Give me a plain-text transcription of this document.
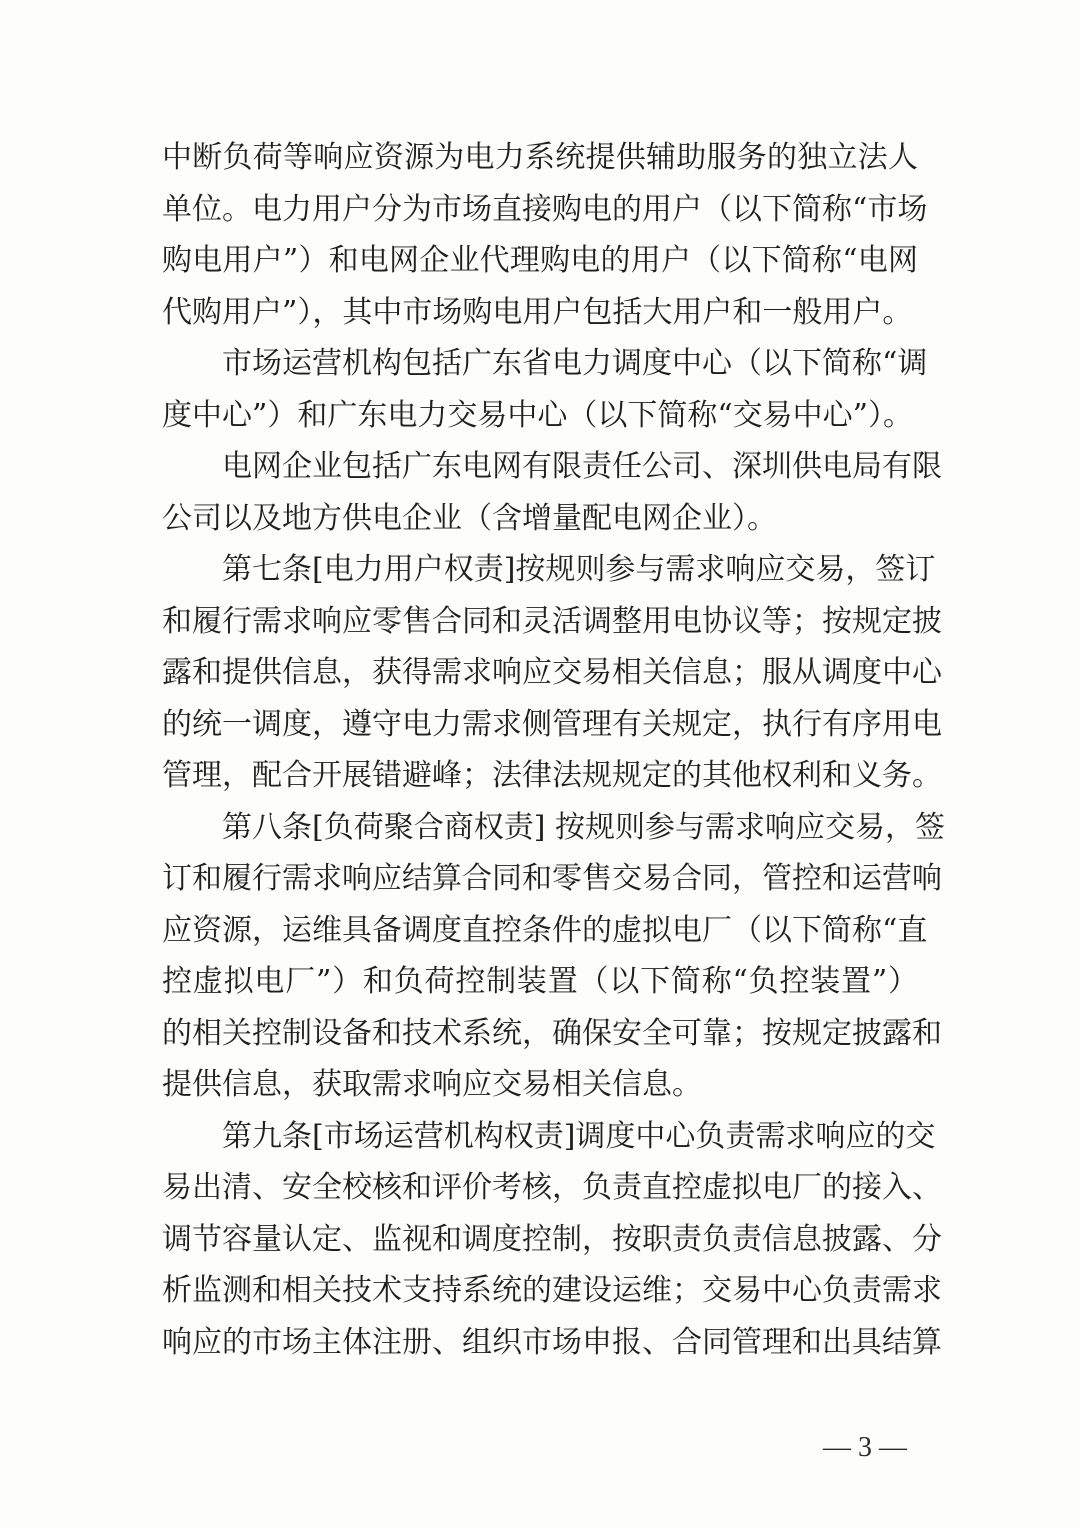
中断负荷等响应资源为电力系统提供辅助服务的独立法人
单位。电力用户分为市场直接购电的用户（以下简称“市场
购电用户”）和电网企业代理购电的用户（以下简称“电网
代购用户”），其中市场购电用户包括大用户和一般用户。
市场运营机构包括广东省电力调度中心（以下简称“调
度中心”）和广东电力交易中心（以下简称“交易中心”）。
电网企业包括广东电网有限责任公司、深圳供电局有限
公司以及地方供电企业（含增量配电网企业）。
第七条[电力用户权责]按规则参与需求响应交易，签订
和履行需求响应零售合同和灵活调整用电协议等；按规定披
露和提供信息，获得需求响应交易相关信息；服从调度中心
的统一调度，遵守电力需求侧管理有关规定，执行有序用电
管理，配合开展错避峰；法律法规规定的其他权利和义务。
第八条[负荷聚合商权责] 按规则参与需求响应交易，签
订和履行需求响应结算合同和零售交易合同，管控和运营响
应资源，运维具备调度直控条件的虚拟电厂（以下简称“直
控虚拟电厂”）和负荷控制装置（以下简称“负控装置”）
的相关控制设备和技术系统，确保安全可靠；按规定披露和
提供信息，获取需求响应交易相关信息。
第九条[市场运营机构权责]调度中心负责需求响应的交
易出清、安全校核和评价考核，负责直控虚拟电厂的接入、
调节容量认定、监视和调度控制，按职责负责信息披露、分
析监测和相关技术支持系统的建设运维；交易中心负责需求
响应的市场主体注册、组织市场申报、合同管理和出具结算
— 3 —
